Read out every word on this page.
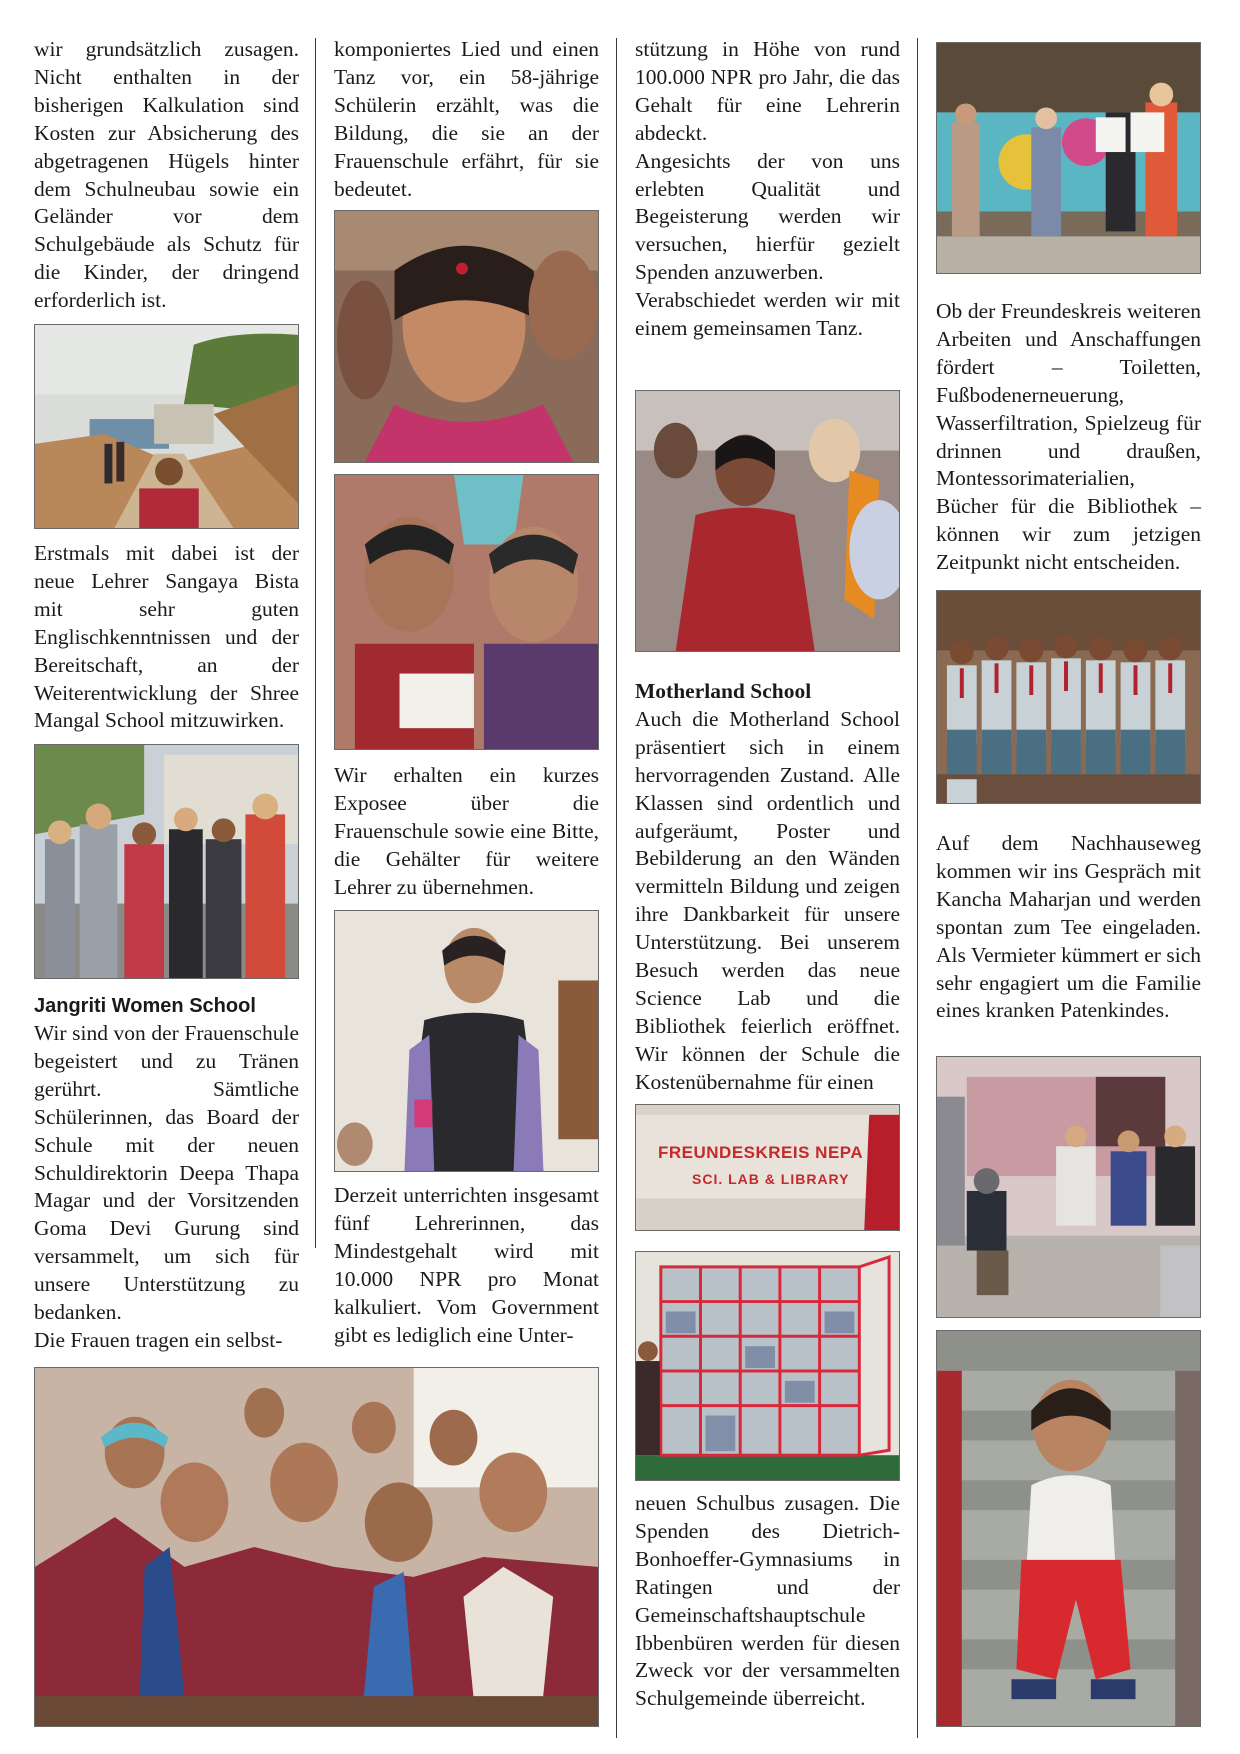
wir grundsätzlich zusagen. Nicht enthalten in der bisherigen Kalkulation sind Kosten zur Absicherung des abgetragenen Hügels hinter dem Schulneubau sowie ein Geländer vor dem Schulgebäude als Schutz für die Kinder, der dringend erforderlich ist.

Erstmals mit dabei ist der neue Lehrer Sangaya Bista mit sehr guten Englischkenntnissen und der Bereitschaft, an der Weiterentwicklung der Shree Mangal School mitzuwirken.

Jangriti Women School

Wir sind von der Frauenschule begeistert und zu Tränen gerührt. Sämtliche Schülerinnen, das Board der Schule mit der neuen Schuldirektorin Deepa Thapa Magar und der Vorsitzenden Goma Devi Gurung sind versammelt, um sich für unsere Unterstützung zu bedanken.

Die Frauen tragen ein selbst-

komponiertes Lied und einen Tanz vor, ein 58-jährige Schülerin erzählt, was die Bildung, die sie an der Frauenschule erfährt, für sie bedeutet.

Wir erhalten ein kurzes Exposee über die Frauenschule sowie eine Bitte, die Gehälter für weitere Lehrer zu übernehmen.

Derzeit unterrichten insgesamt fünf Lehrerinnen, das Mindestgehalt wird mit 10.000 NPR pro Monat kalkuliert. Vom Government gibt es lediglich eine Unter-

stützung in Höhe von rund 100.000 NPR pro Jahr, die das Gehalt für eine Lehrerin abdeckt.

Angesichts der von uns erlebten Qualität und Begeisterung werden wir versuchen, hierfür gezielt Spenden anzuwerben.

Verabschiedet werden wir mit einem gemeinsamen Tanz.

Motherland School

Auch die Motherland School präsentiert sich in einem hervorragenden Zustand. Alle Klassen sind ordentlich und aufgeräumt, Poster und Bebilderung an den Wänden vermitteln Bildung und zeigen ihre Dankbarkeit für unsere Unterstützung. Bei unserem Besuch werden das neue Science Lab und die Bibliothek feierlich eröffnet. Wir können der Schule die Kostenübernahme für einen

FREUNDESKREIS NEPA
SCI. LAB & LIBRARY

neuen Schulbus zusagen. Die Spenden des Dietrich-Bonhoeffer-Gymnasiums in Ratingen und der Gemeinschaftshauptschule Ibbenbüren werden für diesen Zweck vor der versammelten Schulgemeinde überreicht.

Ob der Freundeskreis weiteren Arbeiten und Anschaffungen fördert – Toiletten, Fußbodenerneuerung, Wasserfiltration, Spielzeug für drinnen und draußen, Montessorimaterialien, Bücher für die Bibliothek – können wir zum jetzigen Zeitpunkt nicht entscheiden.

Auf dem Nachhauseweg kommen wir ins Gespräch mit Kancha Maharjan und werden spontan zum Tee eingeladen. Als Vermieter kümmert er sich sehr engagiert um die Familie eines kranken Patenkindes.
